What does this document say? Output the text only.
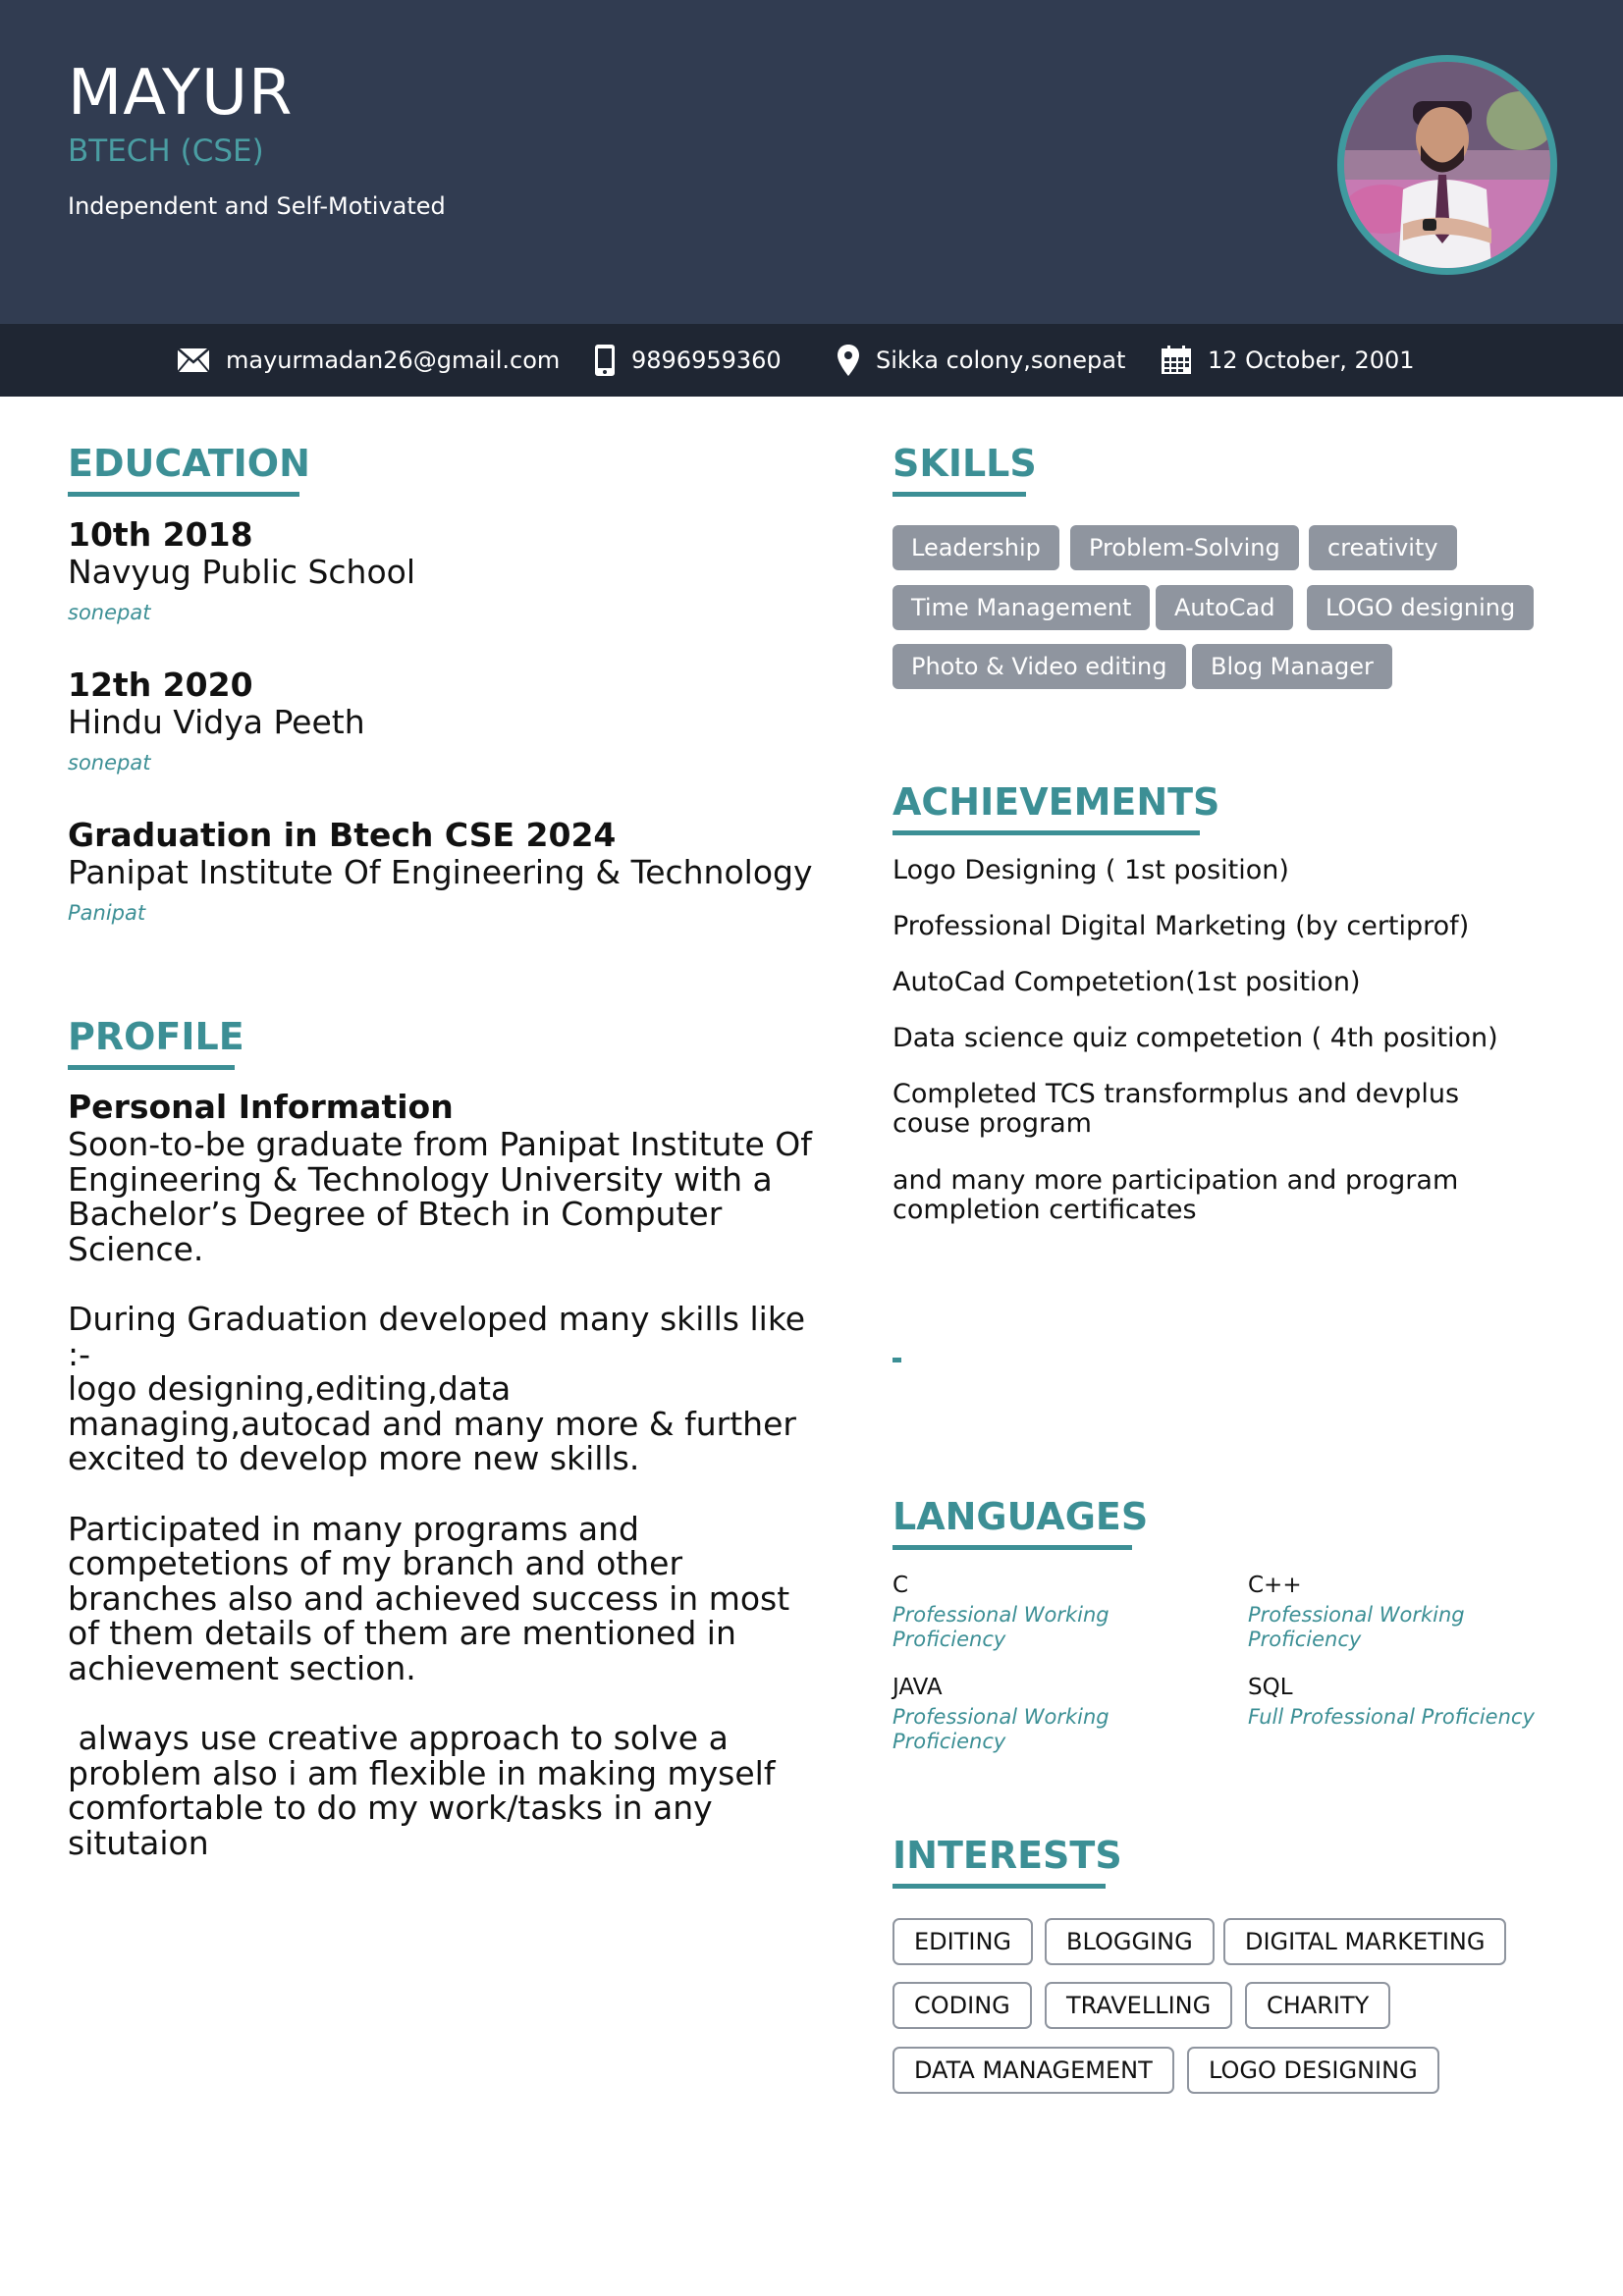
MAYUR
BTECH (CSE)
Independent and Self-Motivated
mayurmadan26@gmail.com	9896959360	Sikka colony,sonepat	12 October, 2001
EDUCATION
10th 2018
Navyug Public School
sonepat
12th 2020
Hindu Vidya Peeth
sonepat
Graduation in Btech CSE 2024
Panipat Institute Of Engineering & Technology
Panipat
PROFILE
Personal Information
Soon-to-be graduate from Panipat Institute Of Engineering & Technology University with a Bachelor’s Degree of Btech in Computer Science.

During Graduation developed many skills like :-
logo designing,editing,data managing,autocad and many more & further excited to develop more new skills.

Participated in many programs and competetions of my branch and other branches also and achieved success in most of them details of them are mentioned in achievement section.

always use creative approach to solve a problem also i am flexible in making myself comfortable to do my work/tasks in any situtaion
SKILLS
Leadership	Problem-Solving	creativity
Time Management	AutoCad	LOGO designing
Photo & Video editing	Blog Manager
ACHIEVEMENTS
Logo Designing ( 1st position)
Professional Digital Marketing (by certiprof)
AutoCad Competetion(1st position)
Data science quiz competetion ( 4th position)
Completed TCS transformplus and devplus couse program
and many more participation and program completion certificates
LANGUAGES
C
Professional Working Proficiency
C++
Professional Working Proficiency
JAVA
Professional Working Proficiency
SQL
Full Professional Proficiency
INTERESTS
EDITING	BLOGGING	DIGITAL MARKETING
CODING	TRAVELLING	CHARITY
DATA MANAGEMENT	LOGO DESIGNING
